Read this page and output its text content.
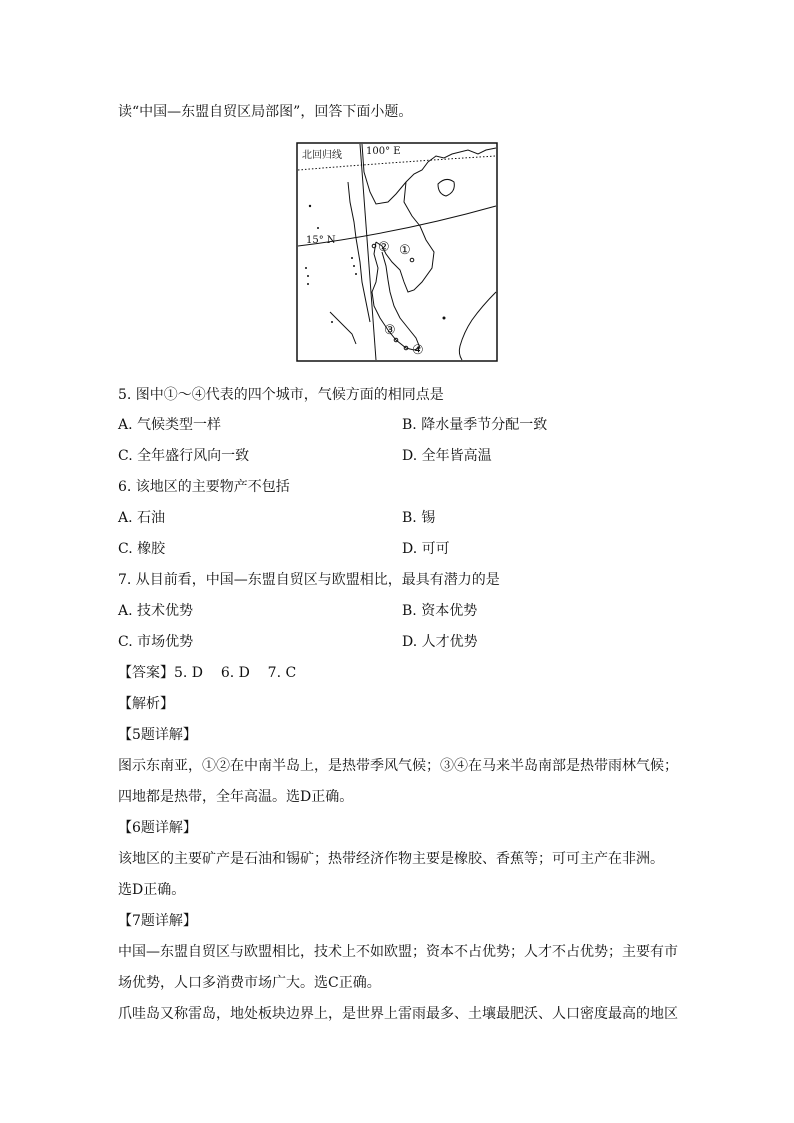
读“中国—东盟自贸区局部图”，回答下面小题。
北回归线 100° E
15° N	② ①
③
④
5. 图中①～④代表的四个城市，气候方面的相同点是
A. 气候类型一样	B. 降水量季节分配一致
C. 全年盛行风向一致	D. 全年皆高温
6. 该地区的主要物产不包括
A. 石油	B. 锡
C. 橡胶	D. 可可
7. 从目前看，中国—东盟自贸区与欧盟相比，最具有潜力的是
A. 技术优势	B. 资本优势
C. 市场优势	D. 人才优势
【答案】5. D    6. D    7. C
【解析】
【5题详解】
图示东南亚，①②在中南半岛上，是热带季风气候；③④在马来半岛南部是热带雨林气候；
四地都是热带，全年高温。选D正确。
【6题详解】
该地区的主要矿产是石油和锡矿；热带经济作物主要是橡胶、香蕉等；可可主产在非洲。
选D正确。
【7题详解】
中国—东盟自贸区与欧盟相比，技术上不如欧盟；资本不占优势；人才不占优势；主要有市
场优势，人口多消费市场广大。选C正确。
爪哇岛又称雷岛，地处板块边界上，是世界上雷雨最多、土壤最肥沃、人口密度最高的地区
